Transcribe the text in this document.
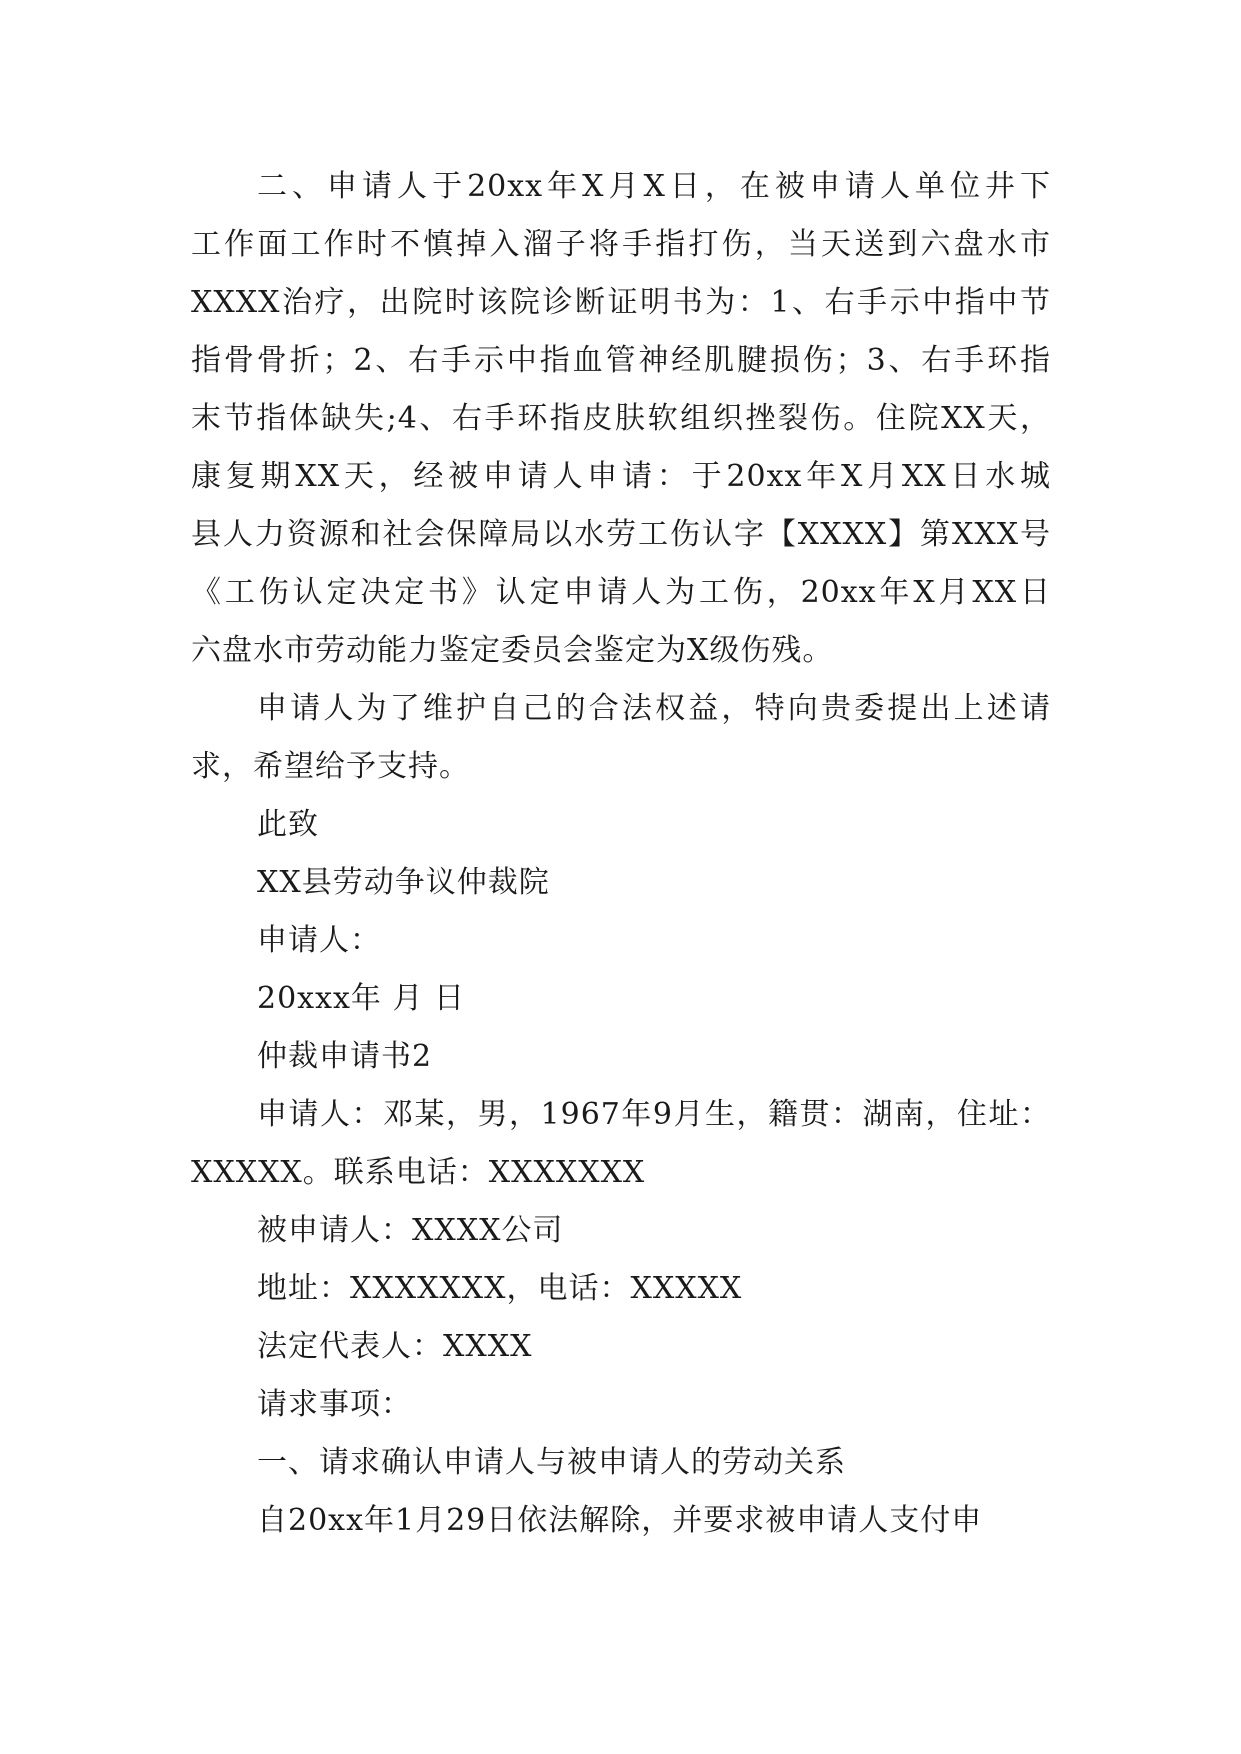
二、申请人于20xx年X月X日，在被申请人单位井下
工作面工作时不慎掉入溜子将手指打伤，当天送到六盘水市
XXXX治疗，出院时该院诊断证明书为：1、右手示中指中节
指骨骨折；2、右手示中指血管神经肌腱损伤；3、右手环指
末节指体缺失;4、右手环指皮肤软组织挫裂伤。住院XX天，
康复期XX天，经被申请人申请：于20xx年X月XX日水城
县人力资源和社会保障局以水劳工伤认字【XXXX】第XXX号
《工伤认定决定书》认定申请人为工伤，20xx年X月XX日
六盘水市劳动能力鉴定委员会鉴定为X级伤残。
申请人为了维护自己的合法权益，特向贵委提出上述请
求，希望给予支持。
此致
XX县劳动争议仲裁院
申请人：
20xxx年 月 日
仲裁申请书2
申请人：邓某，男，1967年9月生，籍贯：湖南，住址：
XXXXX。联系电话：XXXXXXX
被申请人：XXXX公司
地址：XXXXXXX，电话：XXXXX
法定代表人：XXXX
请求事项：
一、请求确认申请人与被申请人的劳动关系
自20xx年1月29日依法解除，并要求被申请人支付申
